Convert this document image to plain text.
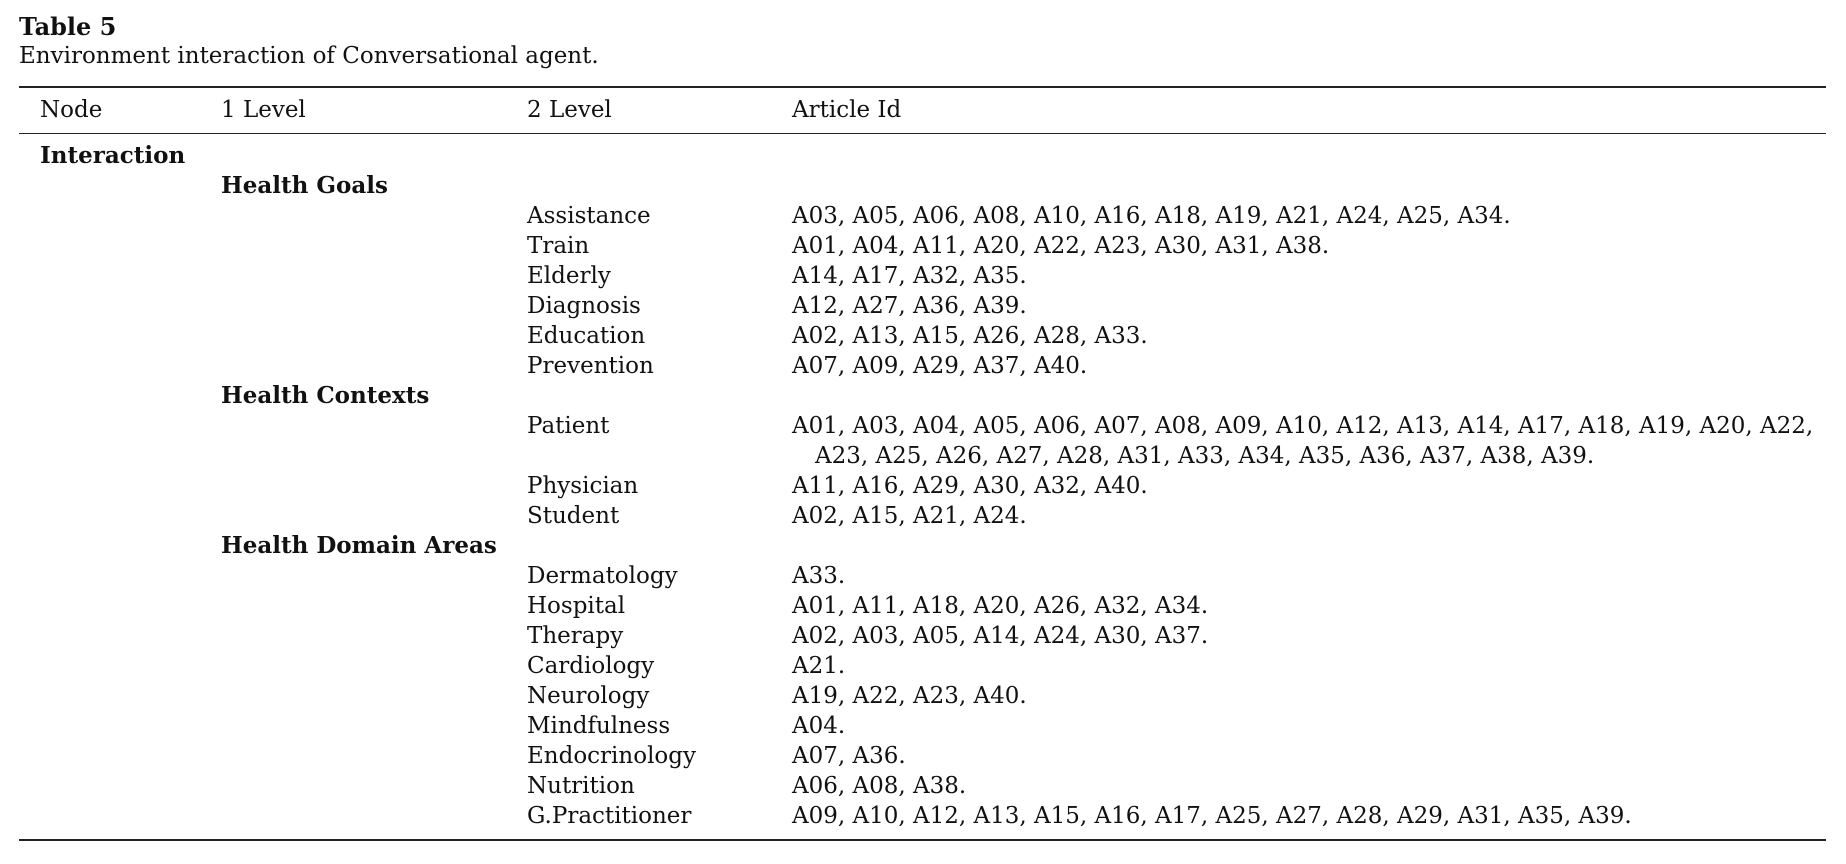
Table 5

Environment interaction of Conversational agent.

Node	1 Level	2 Level	Article Id
Interaction
Health Goals
Assistance	A03, A05, A06, A08, A10, A16, A18, A19, A21, A24, A25, A34.
Train	A01, A04, A11, A20, A22, A23, A30, A31, A38.
Elderly	A14, A17, A32, A35.
Diagnosis	A12, A27, A36, A39.
Education	A02, A13, A15, A26, A28, A33.
Prevention	A07, A09, A29, A37, A40.
Health Contexts
Patient	A01, A03, A04, A05, A06, A07, A08, A09, A10, A12, A13, A14, A17, A18, A19, A20, A22, A23, A25, A26, A27, A28, A31, A33, A34, A35, A36, A37, A38, A39.
Physician	A11, A16, A29, A30, A32, A40.
Student	A02, A15, A21, A24.
Health Domain Areas
Dermatology	A33.
Hospital	A01, A11, A18, A20, A26, A32, A34.
Therapy	A02, A03, A05, A14, A24, A30, A37.
Cardiology	A21.
Neurology	A19, A22, A23, A40.
Mindfulness	A04.
Endocrinology	A07, A36.
Nutrition	A06, A08, A38.
G.Practitioner	A09, A10, A12, A13, A15, A16, A17, A25, A27, A28, A29, A31, A35, A39.
